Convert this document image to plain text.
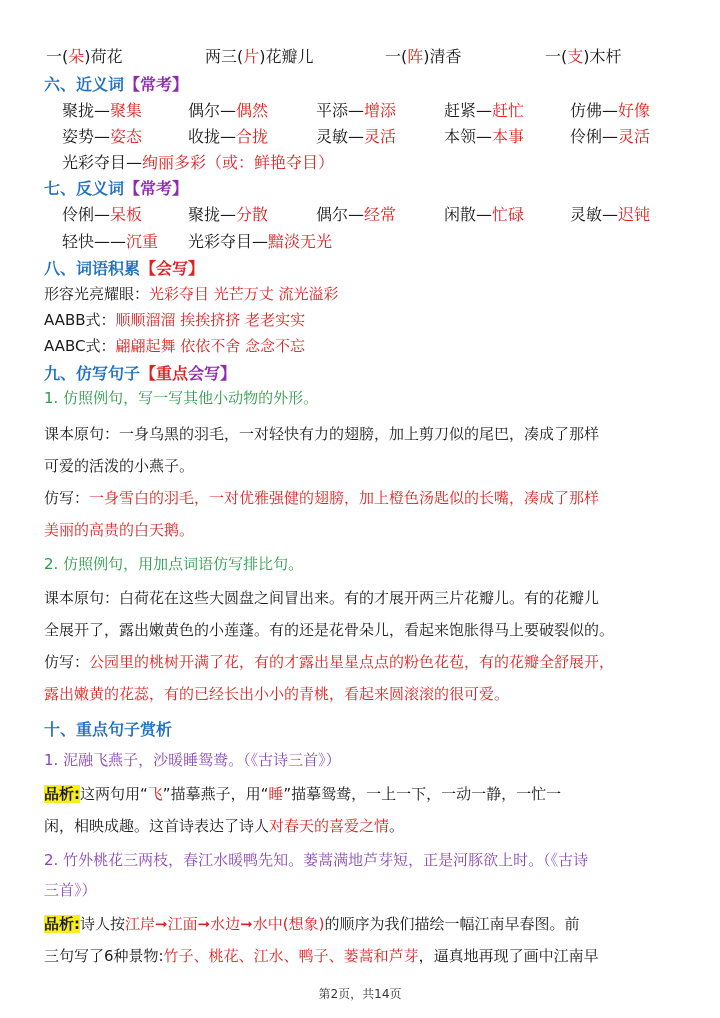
一(朵)荷花	两三(片)花瓣儿	一(阵)清香	一(支)木杆
六、近义词【常考】
聚拢—聚集	偶尔—偶然	平添—增添	赶紧—赶忙	仿佛—好像
姿势—姿态	收拢—合拢	灵敏—灵活	本领—本事	伶俐—灵活
光彩夺目—绚丽多彩（或：鲜艳夺目）
七、反义词【常考】
伶俐—呆板	聚拢—分散	偶尔—经常	闲散—忙碌	灵敏—迟钝
轻快——沉重 光彩夺目—黯淡无光
八、词语积累【会写】
形容光亮耀眼：光彩夺目 光芒万丈 流光溢彩
AABB式：顺顺溜溜 挨挨挤挤 老老实实
AABC式：翩翩起舞 依依不舍 念念不忘
九、仿写句子【重点会写】
1. 仿照例句，写一写其他小动物的外形。
课本原句：一身乌黑的羽毛，一对轻快有力的翅膀，加上剪刀似的尾巴，凑成了那样
可爱的活泼的小燕子。
仿写：一身雪白的羽毛，一对优雅强健的翅膀，加上橙色汤匙似的长嘴，凑成了那样
美丽的高贵的白天鹅。
2. 仿照例句，用加点词语仿写排比句。
课本原句：白荷花在这些大圆盘之间冒出来。有的才展开两三片花瓣儿。有的花瓣儿
全展开了，露出嫩黄色的小莲蓬。有的还是花骨朵儿，看起来饱胀得马上要破裂似的。
仿写：公园里的桃树开满了花，有的才露出星星点点的粉色花苞，有的花瓣全舒展开，
露出嫩黄的花蕊，有的已经长出小小的青桃，看起来圆滚滚的很可爱。
十、重点句子赏析
1. 泥融飞燕子，沙暖睡鸳鸯。（《古诗三首》）
品析:这两句用“飞”描摹燕子，用“睡”描摹鸳鸯，一上一下，一动一静，一忙一
闲，相映成趣。这首诗表达了诗人对春天的喜爱之情。
2. 竹外桃花三两枝，春江水暖鸭先知。蒌蒿满地芦芽短，正是河豚欲上时。（《古诗
三首》）
品析:诗人按江岸➞江面➞水边➞水中(想象)的顺序为我们描绘一幅江南早春图。前
三句写了6种景物:竹子、桃花、江水、鸭子、蒌蒿和芦芽，逼真地再现了画中江南早
第2页，共14页
